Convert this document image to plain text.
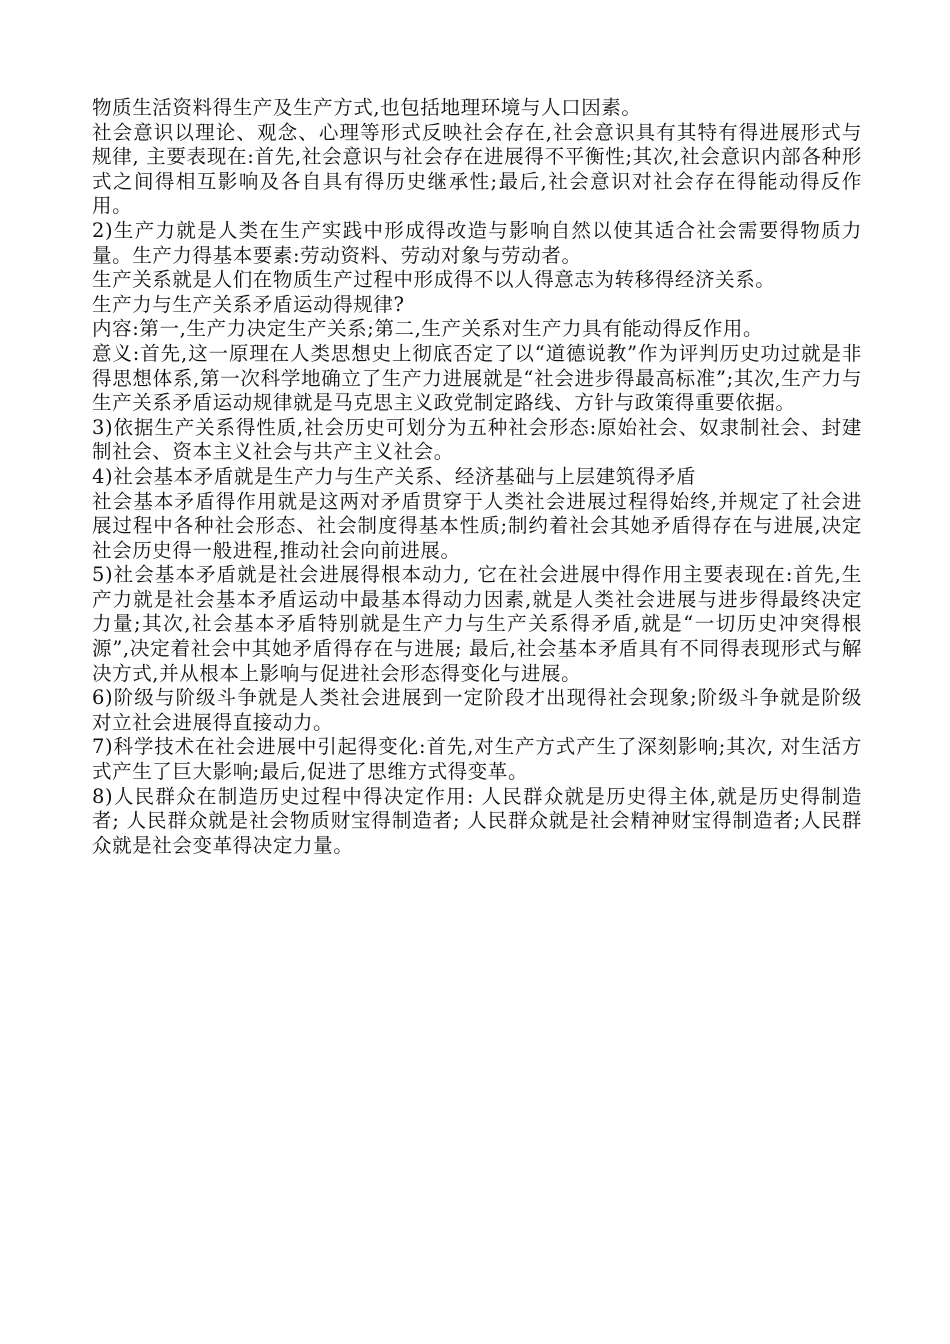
物质生活资料得生产及生产方式,也包括地理环境与人口因素。

社会意识以理论、观念、心理等形式反映社会存在,社会意识具有其特有得进展形式与规律, 主要表现在:首先,社会意识与社会存在进展得不平衡性;其次,社会意识内部各种形式之间得相互影响及各自具有得历史继承性;最后,社会意识对社会存在得能动得反作用。

2)生产力就是人类在生产实践中形成得改造与影响自然以使其适合社会需要得物质力量。生产力得基本要素:劳动资料、劳动对象与劳动者。

生产关系就是人们在物质生产过程中形成得不以人得意志为转移得经济关系。

生产力与生产关系矛盾运动得规律?

内容:第一,生产力决定生产关系;第二,生产关系对生产力具有能动得反作用。

意义:首先,这一原理在人类思想史上彻底否定了以“道德说教”作为评判历史功过就是非得思想体系,第一次科学地确立了生产力进展就是“社会进步得最高标准”;其次,生产力与生产关系矛盾运动规律就是马克思主义政党制定路线、方针与政策得重要依据。

3)依据生产关系得性质,社会历史可划分为五种社会形态:原始社会、奴隶制社会、封建制社会、资本主义社会与共产主义社会。

4)社会基本矛盾就是生产力与生产关系、经济基础与上层建筑得矛盾

社会基本矛盾得作用就是这两对矛盾贯穿于人类社会进展过程得始终,并规定了社会进展过程中各种社会形态、社会制度得基本性质;制约着社会其她矛盾得存在与进展,决定社会历史得一般进程,推动社会向前进展。

5)社会基本矛盾就是社会进展得根本动力, 它在社会进展中得作用主要表现在:首先,生产力就是社会基本矛盾运动中最基本得动力因素,就是人类社会进展与进步得最终决定力量;其次,社会基本矛盾特别就是生产力与生产关系得矛盾,就是“一切历史冲突得根源”,决定着社会中其她矛盾得存在与进展; 最后,社会基本矛盾具有不同得表现形式与解决方式,并从根本上影响与促进社会形态得变化与进展。

6)阶级与阶级斗争就是人类社会进展到一定阶段才出现得社会现象;阶级斗争就是阶级对立社会进展得直接动力。

7)科学技术在社会进展中引起得变化:首先,对生产方式产生了深刻影响;其次, 对生活方式产生了巨大影响;最后,促进了思维方式得变革。

8)人民群众在制造历史过程中得决定作用: 人民群众就是历史得主体,就是历史得制造者; 人民群众就是社会物质财宝得制造者; 人民群众就是社会精神财宝得制造者;人民群众就是社会变革得决定力量。
